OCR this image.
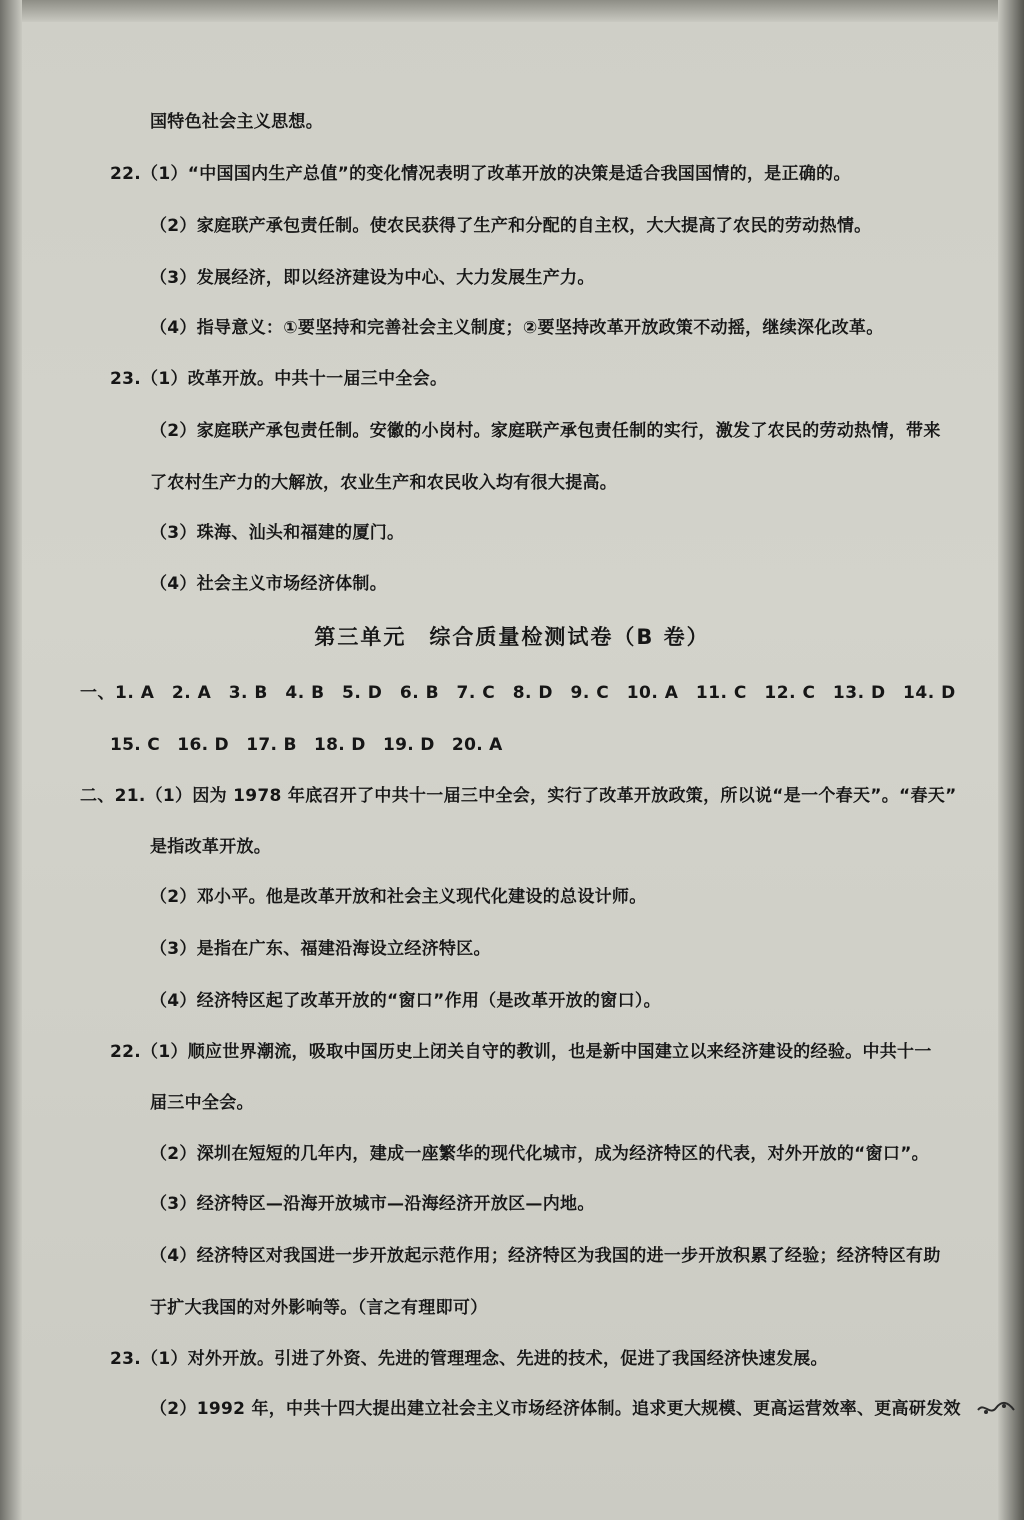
国特色社会主义思想。
22.（1）“中国国内生产总值”的变化情况表明了改革开放的决策是适合我国国情的，是正确的。
（2）家庭联产承包责任制。使农民获得了生产和分配的自主权，大大提高了农民的劳动热情。
（3）发展经济，即以经济建设为中心、大力发展生产力。
（4）指导意义：①要坚持和完善社会主义制度；②要坚持改革开放政策不动摇，继续深化改革。
23.（1）改革开放。中共十一届三中全会。
（2）家庭联产承包责任制。安徽的小岗村。家庭联产承包责任制的实行，激发了农民的劳动热情，带来
了农村生产力的大解放，农业生产和农民收入均有很大提高。
（3）珠海、汕头和福建的厦门。
（4）社会主义市场经济体制。
第三单元　综合质量检测试卷（B 卷）
一、1. A　2. A　3. B　4. B　5. D　6. B　7. C　8. D　9. C　10. A　11. C　12. C　13. D　14. D
15. C　16. D　17. B　18. D　19. D　20. A
二、21.（1）因为 1978 年底召开了中共十一届三中全会，实行了改革开放政策，所以说“是一个春天”。“春天”
是指改革开放。
（2）邓小平。他是改革开放和社会主义现代化建设的总设计师。
（3）是指在广东、福建沿海设立经济特区。
（4）经济特区起了改革开放的“窗口”作用（是改革开放的窗口）。
22.（1）顺应世界潮流，吸取中国历史上闭关自守的教训，也是新中国建立以来经济建设的经验。中共十一
届三中全会。
（2）深圳在短短的几年内，建成一座繁华的现代化城市，成为经济特区的代表，对外开放的“窗口”。
（3）经济特区—沿海开放城市—沿海经济开放区—内地。
（4）经济特区对我国进一步开放起示范作用；经济特区为我国的进一步开放积累了经验；经济特区有助
于扩大我国的对外影响等。（言之有理即可）
23.（1）对外开放。引进了外资、先进的管理理念、先进的技术，促进了我国经济快速发展。
（2）1992 年，中共十四大提出建立社会主义市场经济体制。追求更大规模、更高运营效率、更高研发效
